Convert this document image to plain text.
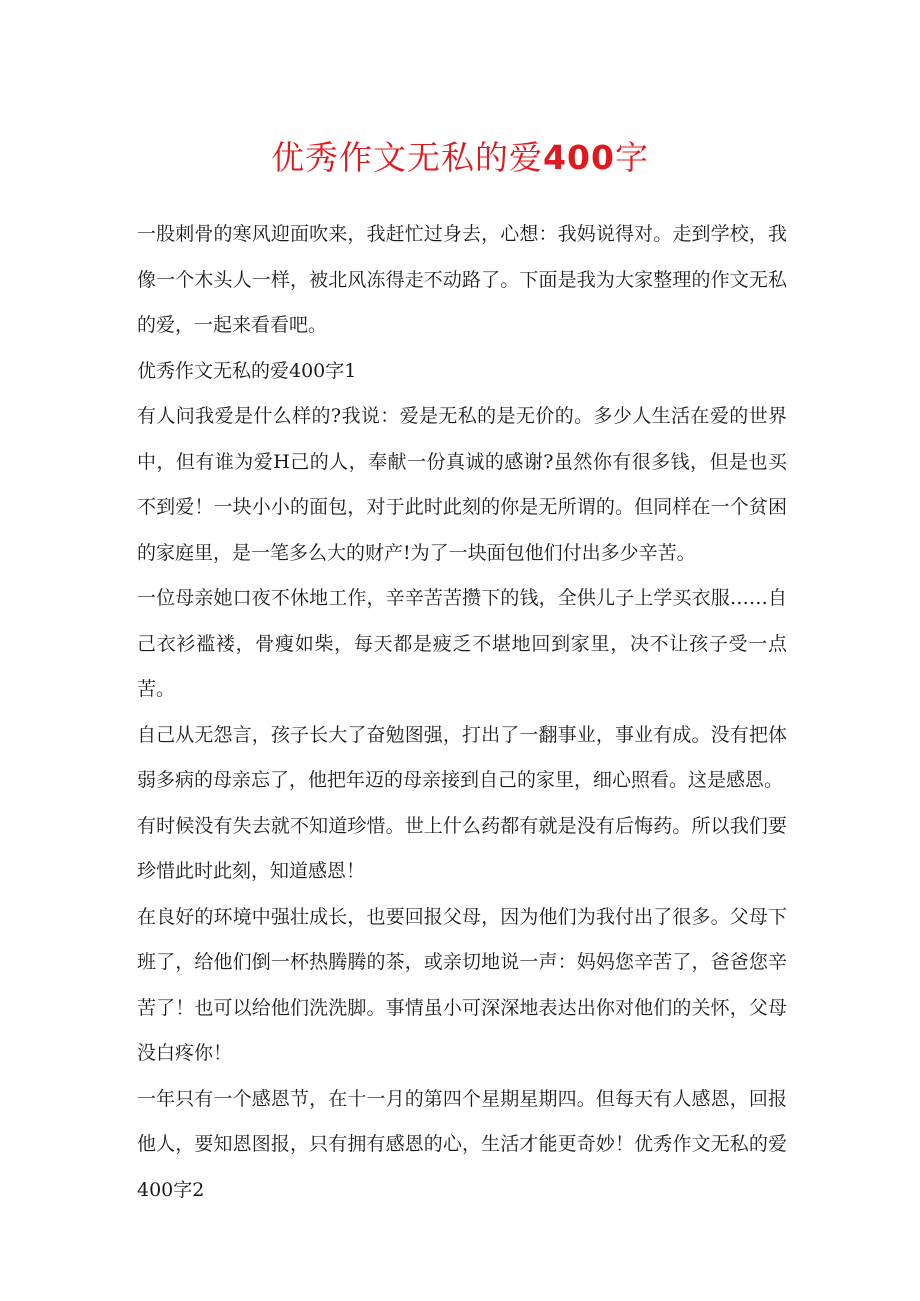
优秀作文无私的爱400字

一股刺骨的寒风迎面吹来，我赶忙过身去，心想：我妈说得对。走到学校，我像一个木头人一样，被北风冻得走不动路了。下面是我为大家整理的作文无私的爱，一起来看看吧。

优秀作文无私的爱400字1

有人问我爱是什么样的?我说：爱是无私的是无价的。多少人生活在爱的世界中，但有谁为爱H己的人，奉献一份真诚的感谢?虽然你有很多钱，但是也买不到爱！一块小小的面包，对于此时此刻的你是无所谓的。但同样在一个贫困的家庭里，是一笔多么大的财产!为了一块面包他们付出多少辛苦。

一位母亲她口夜不休地工作，辛辛苦苦攒下的钱，全供儿子上学买衣服……自己衣衫褴褛，骨瘦如柴，每天都是疲乏不堪地回到家里，决不让孩子受一点苦。

自己从无怨言，孩子长大了奋勉图强，打出了一翻事业，事业有成。没有把体弱多病的母亲忘了，他把年迈的母亲接到自己的家里，细心照看。这是感恩。

有时候没有失去就不知道珍惜。世上什么药都有就是没有后悔药。所以我们要珍惜此时此刻，知道感恩！

在良好的环境中强壮成长，也要回报父母，因为他们为我付出了很多。父母下班了，给他们倒一杯热腾腾的茶，或亲切地说一声：妈妈您辛苦了，爸爸您辛苦了！也可以给他们洗洗脚。事情虽小可深深地表达出你对他们的关怀，父母没白疼你！

一年只有一个感恩节，在十一月的第四个星期星期四。但每天有人感恩，回报他人，要知恩图报，只有拥有感恩的心，生活才能更奇妙！优秀作文无私的爱400字2
